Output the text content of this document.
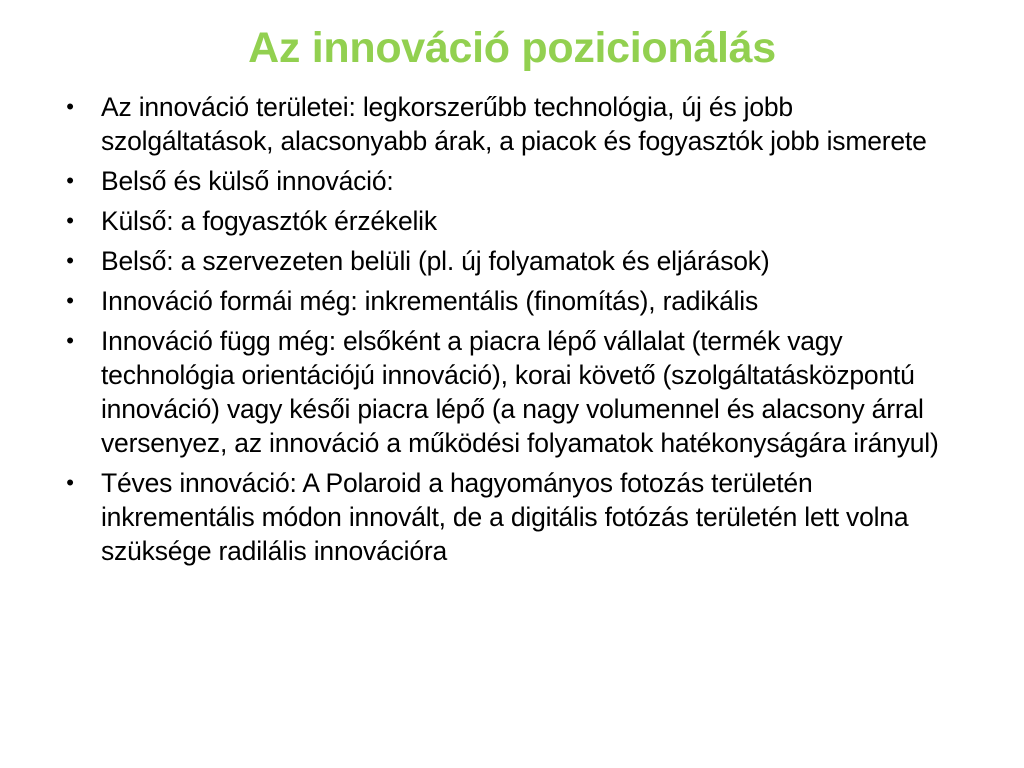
Az innováció pozicionálás
• Az innováció területei: legkorszerűbb technológia, új és jobb szolgáltatások, alacsonyabb árak, a piacok és fogyasztók jobb ismerete
• Belső és külső innováció:
• Külső: a fogyasztók érzékelik
• Belső: a szervezeten belüli (pl. új folyamatok és eljárások)
• Innováció formái még: inkrementális (finomítás), radikális
• Innováció függ még: elsőként a piacra lépő vállalat (termék vagy technológia orientációjú innováció), korai követő (szolgáltatásközpontú innováció) vagy késői piacra lépő (a nagy volumennel és alacsony árral versenyez, az innováció a működési folyamatok hatékonyságára irányul)
• Téves innováció: A Polaroid a hagyományos fotozás területén inkrementális módon innovált, de a digitális fotózás területén lett volna szüksége radilális innovációra
